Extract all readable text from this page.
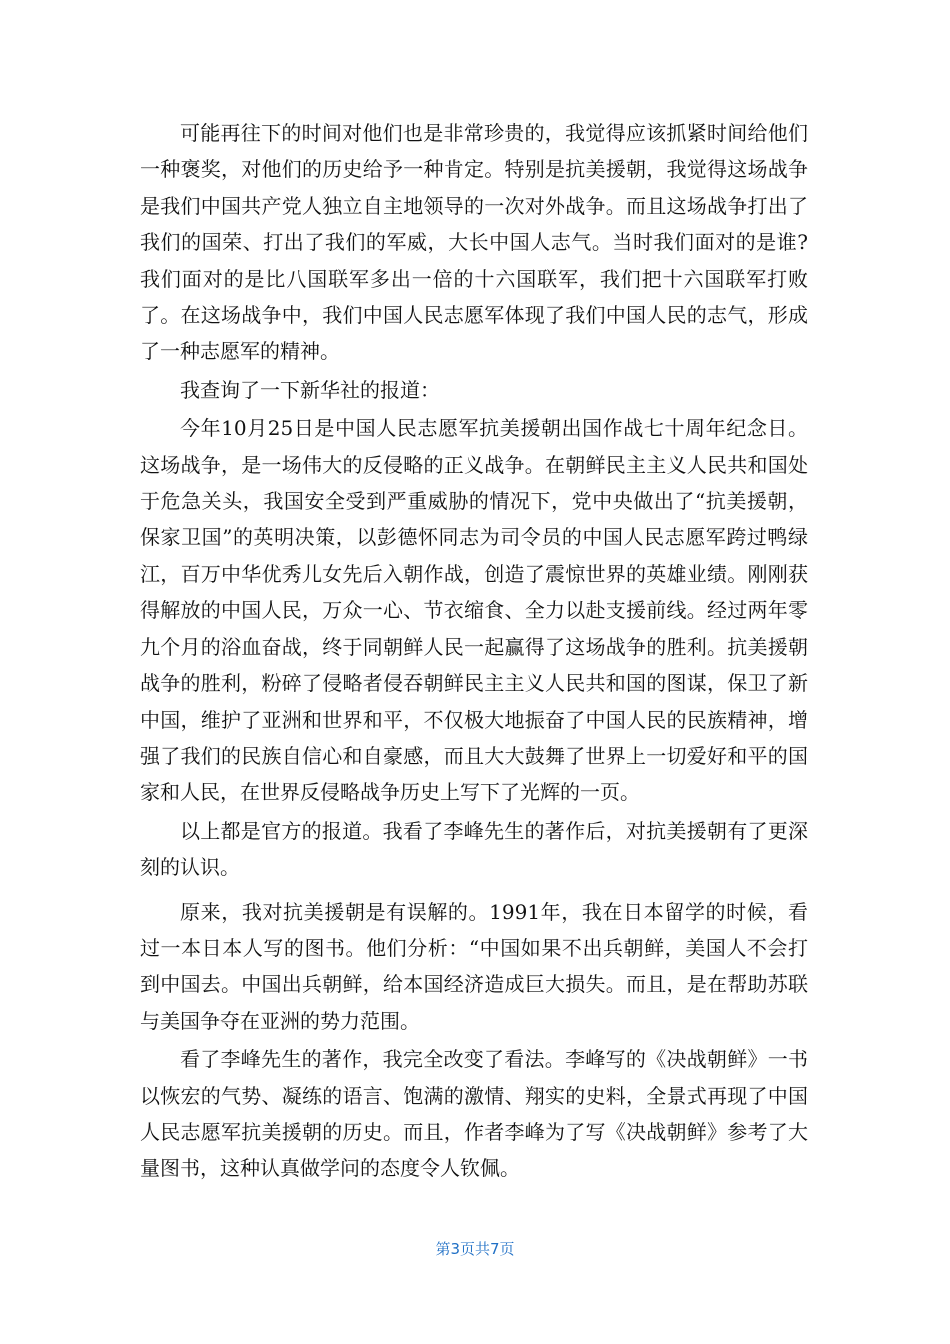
可能再往下的时间对他们也是非常珍贵的，我觉得应该抓紧时间给他们一种褒奖，对他们的历史给予一种肯定。特别是抗美援朝，我觉得这场战争是我们中国共产党人独立自主地领导的一次对外战争。而且这场战争打出了我们的国荣、打出了我们的军威，大长中国人志气。当时我们面对的是谁?我们面对的是比八国联军多出一倍的十六国联军，我们把十六国联军打败了。在这场战争中，我们中国人民志愿军体现了我们中国人民的志气，形成了一种志愿军的精神。

我查询了一下新华社的报道：

今年10月25日是中国人民志愿军抗美援朝出国作战七十周年纪念日。这场战争，是一场伟大的反侵略的正义战争。在朝鲜民主主义人民共和国处于危急关头，我国安全受到严重威胁的情况下，党中央做出了“抗美援朝，保家卫国”的英明决策，以彭德怀同志为司令员的中国人民志愿军跨过鸭绿江，百万中华优秀儿女先后入朝作战，创造了震惊世界的英雄业绩。刚刚获得解放的中国人民，万众一心、节衣缩食、全力以赴支援前线。经过两年零九个月的浴血奋战，终于同朝鲜人民一起赢得了这场战争的胜利。抗美援朝战争的胜利，粉碎了侵略者侵吞朝鲜民主主义人民共和国的图谋，保卫了新中国，维护了亚洲和世界和平，不仅极大地振奋了中国人民的民族精神，增强了我们的民族自信心和自豪感，而且大大鼓舞了世界上一切爱好和平的国家和人民，在世界反侵略战争历史上写下了光辉的一页。

以上都是官方的报道。我看了李峰先生的著作后，对抗美援朝有了更深刻的认识。

原来，我对抗美援朝是有误解的。1991年，我在日本留学的时候，看过一本日本人写的图书。他们分析：“中国如果不出兵朝鲜，美国人不会打到中国去。中国出兵朝鲜，给本国经济造成巨大损失。而且，是在帮助苏联与美国争夺在亚洲的势力范围。

看了李峰先生的著作，我完全改变了看法。李峰写的《决战朝鲜》一书以恢宏的气势、凝练的语言、饱满的激情、翔实的史料，全景式再现了中国人民志愿军抗美援朝的历史。而且，作者李峰为了写《决战朝鲜》参考了大量图书，这种认真做学问的态度令人钦佩。

第3页共7页
